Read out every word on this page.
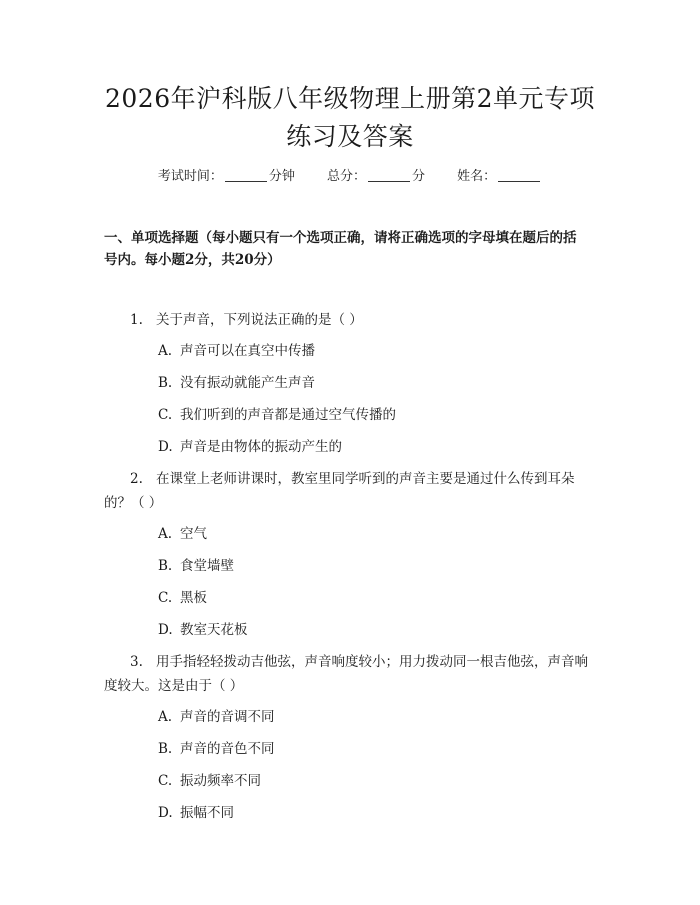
2026年沪科版八年级物理上册第2单元专项
练习及答案
考试时间：	分钟 总分：	分 姓名：
一、单项选择题（每小题只有一个选项正确，请将正确选项的字母填在题后的括
号内。每小题2分，共20分）
1. 关于声音，下列说法正确的是（ ）
A. 声音可以在真空中传播
B. 没有振动就能产生声音
C. 我们听到的声音都是通过空气传播的
D. 声音是由物体的振动产生的
2. 在课堂上老师讲课时，教室里同学听到的声音主要是通过什么传到耳朵
的？（ ）
A. 空气
B. 食堂墙壁
C. 黑板
D. 教室天花板
3. 用手指轻轻拨动吉他弦，声音响度较小；用力拨动同一根吉他弦，声音响
度较大。这是由于（ ）
A. 声音的音调不同
B. 声音的音色不同
C. 振动频率不同
D. 振幅不同
